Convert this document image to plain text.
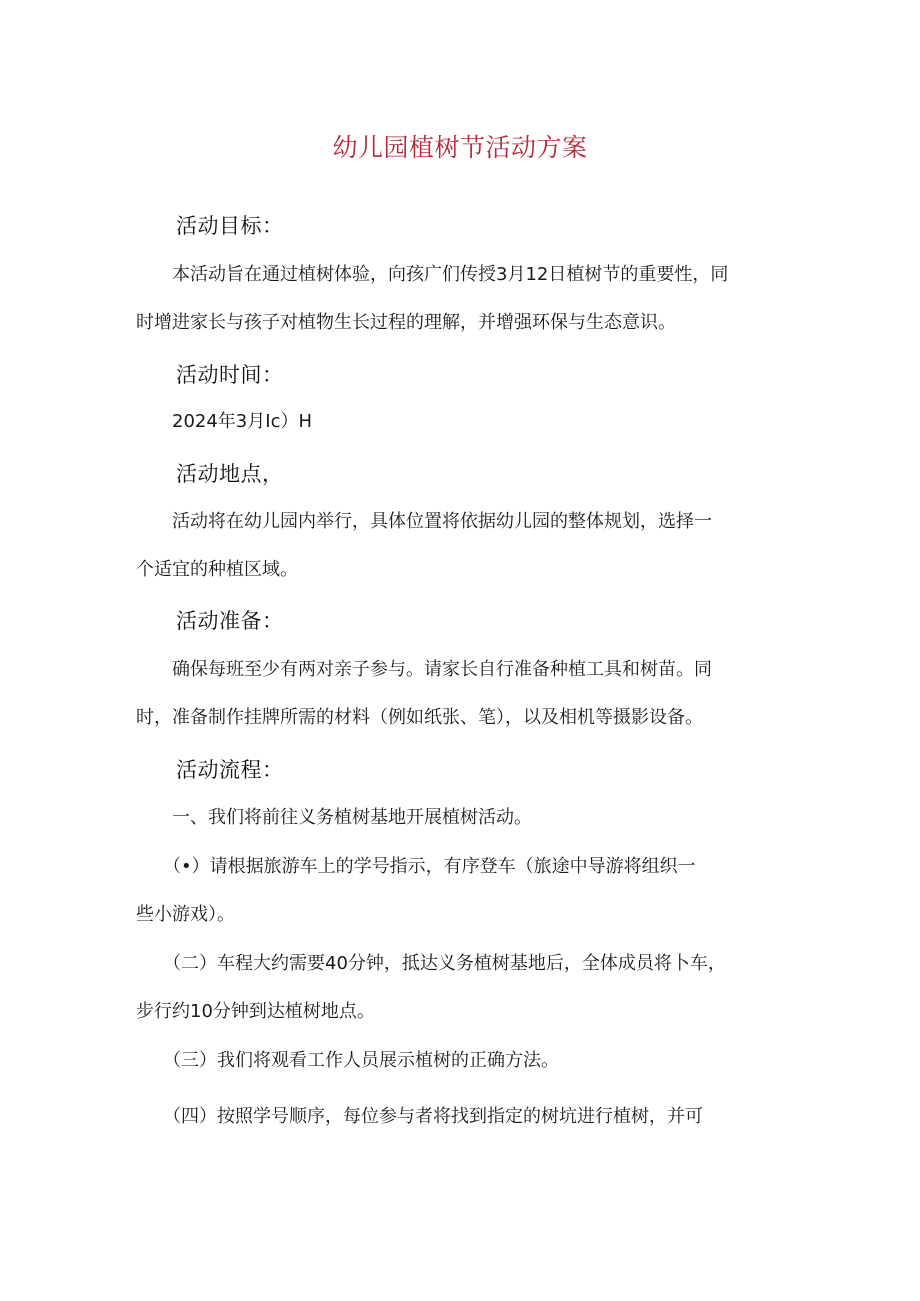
幼儿园植树节活动方案
活动目标：
　　本活动旨在通过植树体验，向孩广们传授3月12日植树节的重要性，同
时增进家长与孩子对植物生长过程的理解，并增强环保与生态意识。
活动时间：
　　2024年3月Ic）H
活动地点，
　　活动将在幼儿园内举行，具体位置将依据幼儿园的整体规划，选择一
个适宜的种植区域。
活动准备：
　　确保每班至少有两对亲子参与。请家长自行准备种植工具和树苗。同
时，准备制作挂牌所需的材料（例如纸张、笔），以及相机等摄影设备。
活动流程：
　　一、我们将前往义务植树基地开展植树活动。
　　（•）请根据旅游车上的学号指示，有序登车（旅途中导游将组织一
些小游戏）。
　　（二）车程大约需要40分钟，抵达义务植树基地后，全体成员将卜车，
步行约10分钟到达植树地点。
　　（三）我们将观看工作人员展示植树的正确方法。
　　（四）按照学号顺序，每位参与者将找到指定的树坑进行植树，并可
